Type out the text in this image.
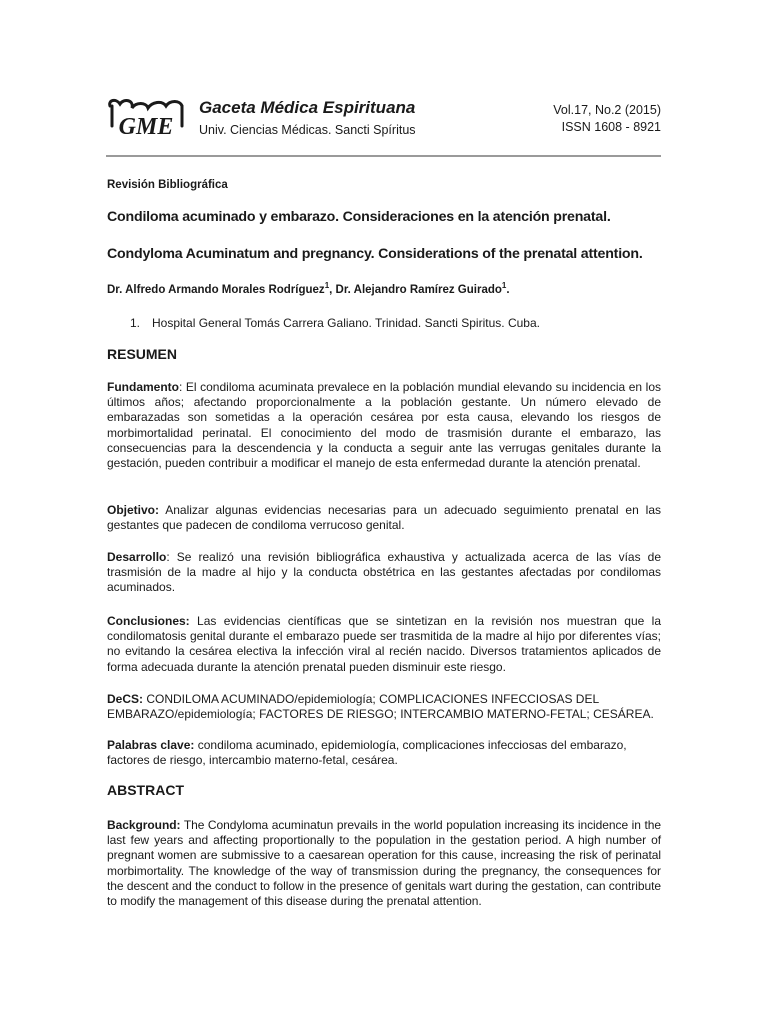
GME
Gaceta Médica Espirituana
Univ. Ciencias Médicas. Sancti Spíritus
Vol.17, No.2 (2015)
ISSN 1608 - 8921
Revisión Bibliográfica
Condiloma acuminado y embarazo. Consideraciones en la atención prenatal.
Condyloma Acuminatum and pregnancy. Considerations of the prenatal attention.
Dr. Alfredo Armando Morales Rodríguez$^1$, Dr. Alejandro Ramírez Guirado$^1$.
1. Hospital General Tomás Carrera Galiano. Trinidad. Sancti Spiritus. Cuba.
RESUMEN
Fundamento: El condiloma acuminata prevalece en la población mundial elevando su incidencia en los últimos años; afectando proporcionalmente a la población gestante. Un número elevado de embarazadas son sometidas a la operación cesárea por esta causa, elevando los riesgos de morbimortalidad perinatal. El conocimiento del modo de trasmisión durante el embarazo, las consecuencias para la descendencia y la conducta a seguir ante las verrugas genitales durante la gestación, pueden contribuir a modificar el manejo de esta enfermedad durante la atención prenatal.
Objetivo: Analizar algunas evidencias necesarias para un adecuado seguimiento prenatal en las gestantes que padecen de condiloma verrucoso genital.
Desarrollo: Se realizó una revisión bibliográfica exhaustiva y actualizada acerca de las vías de trasmisión de la madre al hijo y la conducta obstétrica en las gestantes afectadas por condilomas acuminados.
Conclusiones: Las evidencias científicas que se sintetizan en la revisión nos muestran que la condilomatosis genital durante el embarazo puede ser trasmitida de la madre al hijo por diferentes vías; no evitando la cesárea electiva la infección viral al recién nacido. Diversos tratamientos aplicados de forma adecuada durante la atención prenatal pueden disminuir este riesgo.
DeCS: CONDILOMA ACUMINADO/epidemiología; COMPLICACIONES INFECCIOSAS DEL EMBARAZO/epidemiología; FACTORES DE RIESGO; INTERCAMBIO MATERNO-FETAL; CESÁREA.
Palabras clave: condiloma acuminado, epidemiología, complicaciones infecciosas del embarazo, factores de riesgo, intercambio materno-fetal, cesárea.
ABSTRACT
Background: The Condyloma acuminatun prevails in the world population increasing its incidence in the last few years and affecting proportionally to the population in the gestation period. A high number of pregnant women are submissive to a caesarean operation for this cause, increasing the risk of perinatal morbimortality. The knowledge of the way of transmission during the pregnancy, the consequences for the descent and the conduct to follow in the presence of genitals wart during the gestation, can contribute to modify the management of this disease during the prenatal attention.
